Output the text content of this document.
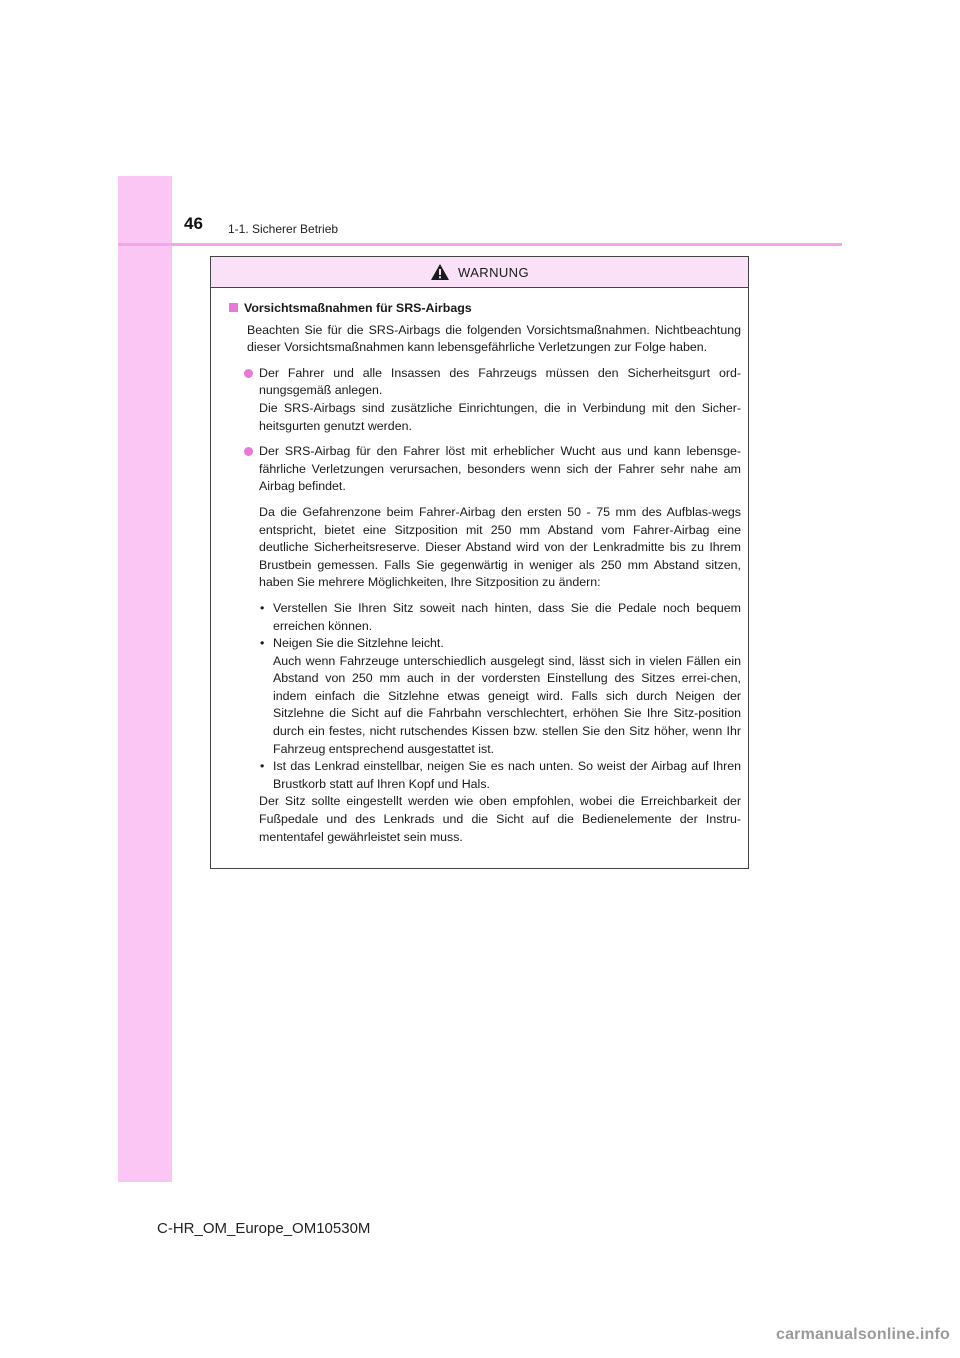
46 1-1. Sicherer Betrieb
WARNUNG
Vorsichtsmaßnahmen für SRS-Airbags
Beachten Sie für die SRS-Airbags die folgenden Vorsichtsmaßnahmen. Nichtbeachtung dieser Vorsichtsmaßnahmen kann lebensgefährliche Verletzungen zur Folge haben.
Der Fahrer und alle Insassen des Fahrzeugs müssen den Sicherheitsgurt ord-nungsgemäß anlegen.
Die SRS-Airbags sind zusätzliche Einrichtungen, die in Verbindung mit den Sicher-heitsgurten genutzt werden.
Der SRS-Airbag für den Fahrer löst mit erheblicher Wucht aus und kann lebensge-fährliche Verletzungen verursachen, besonders wenn sich der Fahrer sehr nahe am Airbag befindet.
Da die Gefahrenzone beim Fahrer-Airbag den ersten 50 - 75 mm des Aufblas-wegs entspricht, bietet eine Sitzposition mit 250 mm Abstand vom Fahrer-Airbag eine deutliche Sicherheitsreserve. Dieser Abstand wird von der Lenkradmitte bis zu Ihrem Brustbein gemessen. Falls Sie gegenwärtig in weniger als 250 mm Abstand sitzen, haben Sie mehrere Möglichkeiten, Ihre Sitzposition zu ändern:
• Verstellen Sie Ihren Sitz soweit nach hinten, dass Sie die Pedale noch bequem erreichen können.
• Neigen Sie die Sitzlehne leicht.
Auch wenn Fahrzeuge unterschiedlich ausgelegt sind, lässt sich in vielen Fällen ein Abstand von 250 mm auch in der vordersten Einstellung des Sitzes errei-chen, indem einfach die Sitzlehne etwas geneigt wird. Falls sich durch Neigen der Sitzlehne die Sicht auf die Fahrbahn verschlechtert, erhöhen Sie Ihre Sitz-position durch ein festes, nicht rutschendes Kissen bzw. stellen Sie den Sitz höher, wenn Ihr Fahrzeug entsprechend ausgestattet ist.
• Ist das Lenkrad einstellbar, neigen Sie es nach unten. So weist der Airbag auf Ihren Brustkorb statt auf Ihren Kopf und Hals.
Der Sitz sollte eingestellt werden wie oben empfohlen, wobei die Erreichbarkeit der Fußpedale und des Lenkrads und die Sicht auf die Bedienelemente der Instru-mententafel gewährleistet sein muss.
C-HR_OM_Europe_OM10530M
carmanualsonline.info
